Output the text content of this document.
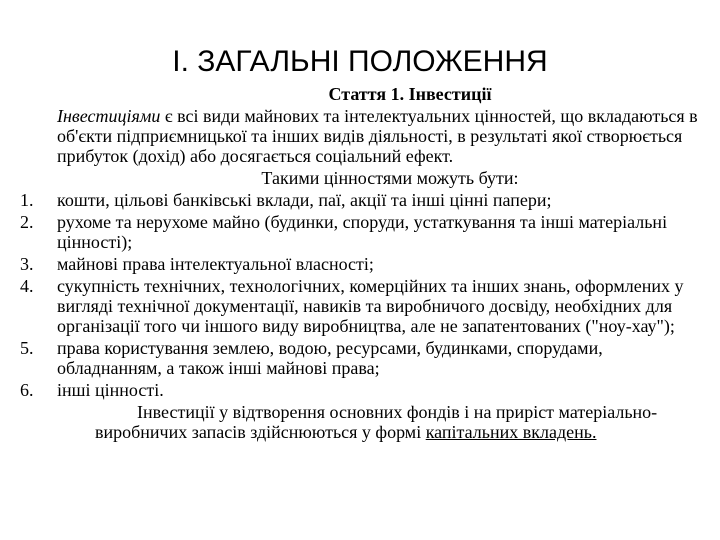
І. ЗАГАЛЬНІ ПОЛОЖЕННЯ

Стаття 1. Інвестиції

Інвестиціями є всі види майнових та інтелектуальних цінностей, що вкладаються в об'єкти підприємницької та інших видів діяльності, в результаті якої створюється прибуток (дохід) або досягається соціальний ефект.

Такими цінностями можуть бути:

1.	кошти, цільові банківські вклади, паї, акції та інші цінні папери;
2.	рухоме та нерухоме майно (будинки, споруди, устаткування та інші матеріальні цінності);
3.	майнові права інтелектуальної власності;
4.	сукупність технічних, технологічних, комерційних та інших знань, оформлених у вигляді технічної документації, навиків та виробничого досвіду, необхідних для організації того чи іншого виду виробництва, але не запатентованих ("ноу-хау");
5.	права користування землею, водою, ресурсами, будинками, спорудами, обладнанням, а також інші майнові права;
6.	інші цінності.

Інвестиції у відтворення основних фондів і на приріст матеріально-виробничих запасів здійснюються у формі капітальних вкладень.
